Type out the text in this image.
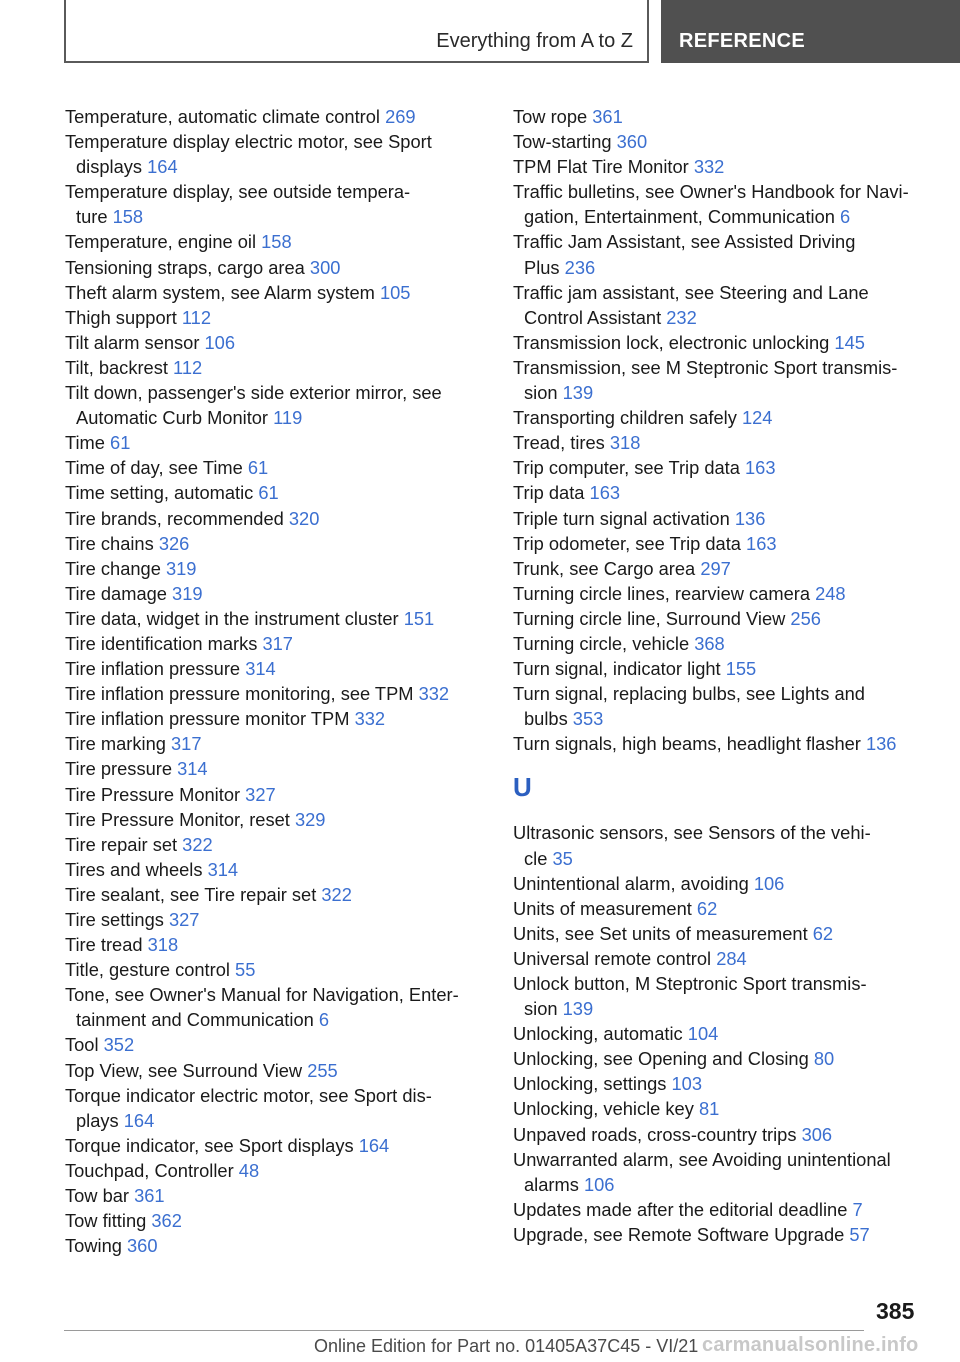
Everything from A to Z REFERENCE
Temperature, automatic climate control 269
Temperature display electric motor, see Sport
displays 164
Temperature display, see outside tempera-
ture 158
Temperature, engine oil 158
Tensioning straps, cargo area 300
Theft alarm system, see Alarm system 105
Thigh support 112
Tilt alarm sensor 106
Tilt, backrest 112
Tilt down, passenger's side exterior mirror, see
Automatic Curb Monitor 119
Time 61
Time of day, see Time 61
Time setting, automatic 61
Tire brands, recommended 320
Tire chains 326
Tire change 319
Tire damage 319
Tire data, widget in the instrument cluster 151
Tire identification marks 317
Tire inflation pressure 314
Tire inflation pressure monitoring, see TPM 332
Tire inflation pressure monitor TPM 332
Tire marking 317
Tire pressure 314
Tire Pressure Monitor 327
Tire Pressure Monitor, reset 329
Tire repair set 322
Tires and wheels 314
Tire sealant, see Tire repair set 322
Tire settings 327
Tire tread 318
Title, gesture control 55
Tone, see Owner's Manual for Navigation, Enter-
tainment and Communication 6
Tool 352
Top View, see Surround View 255
Torque indicator electric motor, see Sport dis-
plays 164
Torque indicator, see Sport displays 164
Touchpad, Controller 48
Tow bar 361
Tow fitting 362
Towing 360
Tow rope 361
Tow-starting 360
TPM Flat Tire Monitor 332
Traffic bulletins, see Owner's Handbook for Navi-
gation, Entertainment, Communication 6
Traffic Jam Assistant, see Assisted Driving
Plus 236
Traffic jam assistant, see Steering and Lane
Control Assistant 232
Transmission lock, electronic unlocking 145
Transmission, see M Steptronic Sport transmis-
sion 139
Transporting children safely 124
Tread, tires 318
Trip computer, see Trip data 163
Trip data 163
Triple turn signal activation 136
Trip odometer, see Trip data 163
Trunk, see Cargo area 297
Turning circle lines, rearview camera 248
Turning circle line, Surround View 256
Turning circle, vehicle 368
Turn signal, indicator light 155
Turn signal, replacing bulbs, see Lights and
bulbs 353
Turn signals, high beams, headlight flasher 136
U
Ultrasonic sensors, see Sensors of the vehi-
cle 35
Unintentional alarm, avoiding 106
Units of measurement 62
Units, see Set units of measurement 62
Universal remote control 284
Unlock button, M Steptronic Sport transmis-
sion 139
Unlocking, automatic 104
Unlocking, see Opening and Closing 80
Unlocking, settings 103
Unlocking, vehicle key 81
Unpaved roads, cross-country trips 306
Unwarranted alarm, see Avoiding unintentional
alarms 106
Updates made after the editorial deadline 7
Upgrade, see Remote Software Upgrade 57
385
Online Edition for Part no. 01405A37C45 - VI/21 carmanualsonline.info
